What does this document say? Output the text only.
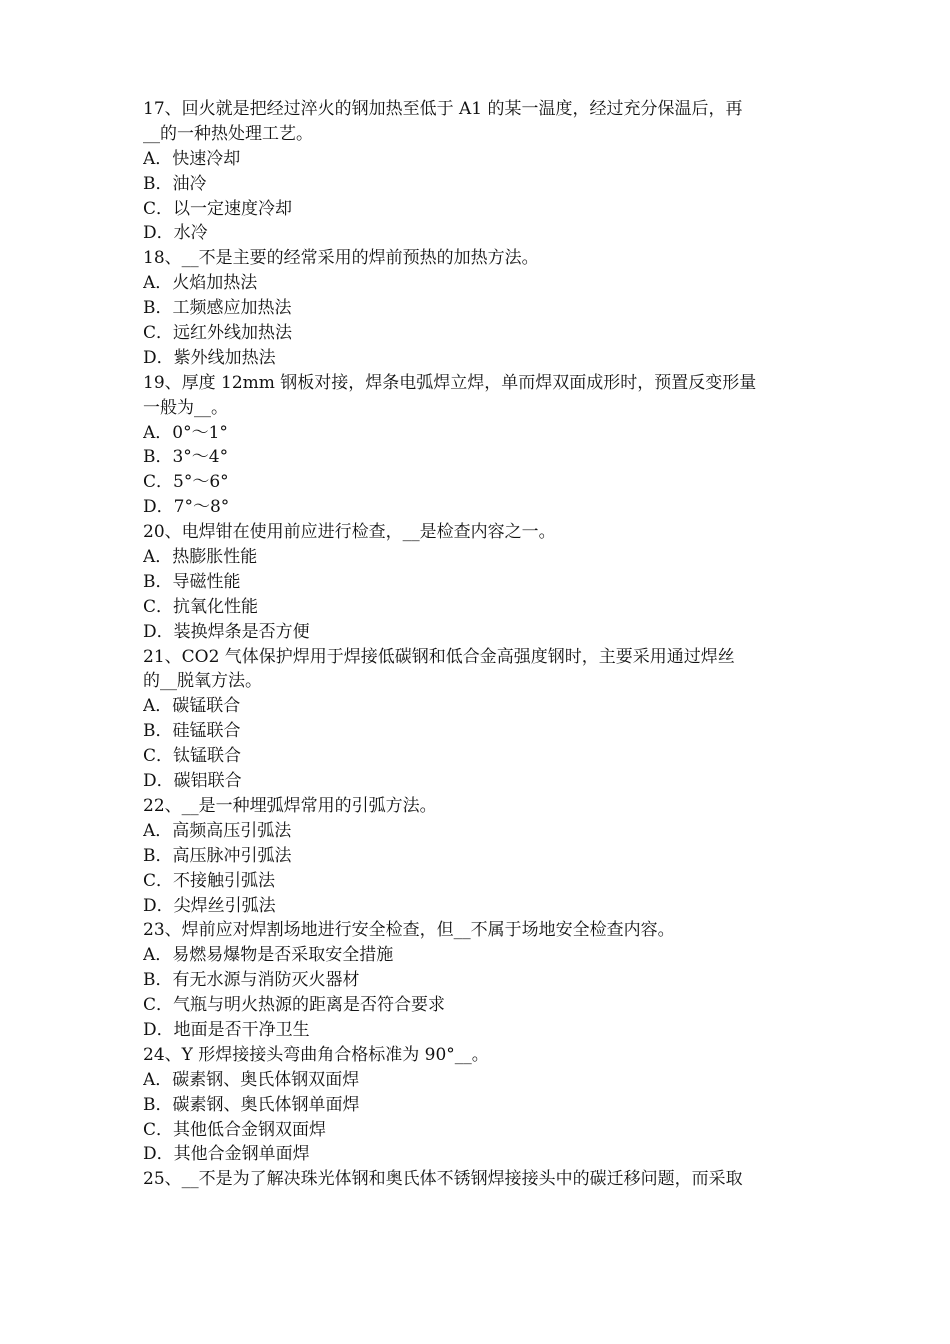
17、回火就是把经过淬火的钢加热至低于 A1 的某一温度，经过充分保温后，再
__的一种热处理工艺。
A．快速冷却
B．油冷
C．以一定速度冷却
D．水冷
18、__不是主要的经常采用的焊前预热的加热方法。
A．火焰加热法
B．工频感应加热法
C．远红外线加热法
D．紫外线加热法
19、厚度 12mm 钢板对接，焊条电弧焊立焊，单而焊双面成形时，预置反变形量
一般为__。
A．0°～1°
B．3°～4°
C．5°～6°
D．7°～8°
20、电焊钳在使用前应进行检查，__是检查内容之一。
A．热膨胀性能
B．导磁性能
C．抗氧化性能
D．装换焊条是否方便
21、CO2 气体保护焊用于焊接低碳钢和低合金高强度钢时，主要采用通过焊丝
的__脱氧方法。
A．碳锰联合
B．硅锰联合
C．钛锰联合
D．碳铝联合
22、__是一种埋弧焊常用的引弧方法。
A．高频高压引弧法
B．高压脉冲引弧法
C．不接触引弧法
D．尖焊丝引弧法
23、焊前应对焊割场地进行安全检查，但__不属于场地安全检查内容。
A．易燃易爆物是否采取安全措施
B．有无水源与消防灭火器材
C．气瓶与明火热源的距离是否符合要求
D．地面是否干净卫生
24、Y 形焊接接头弯曲角合格标准为 90°__。
A．碳素钢、奥氏体钢双面焊
B．碳素钢、奥氏体钢单面焊
C．其他低合金钢双面焊
D．其他合金钢单面焊
25、__不是为了解决珠光体钢和奥氏体不锈钢焊接接头中的碳迁移问题，而采取
